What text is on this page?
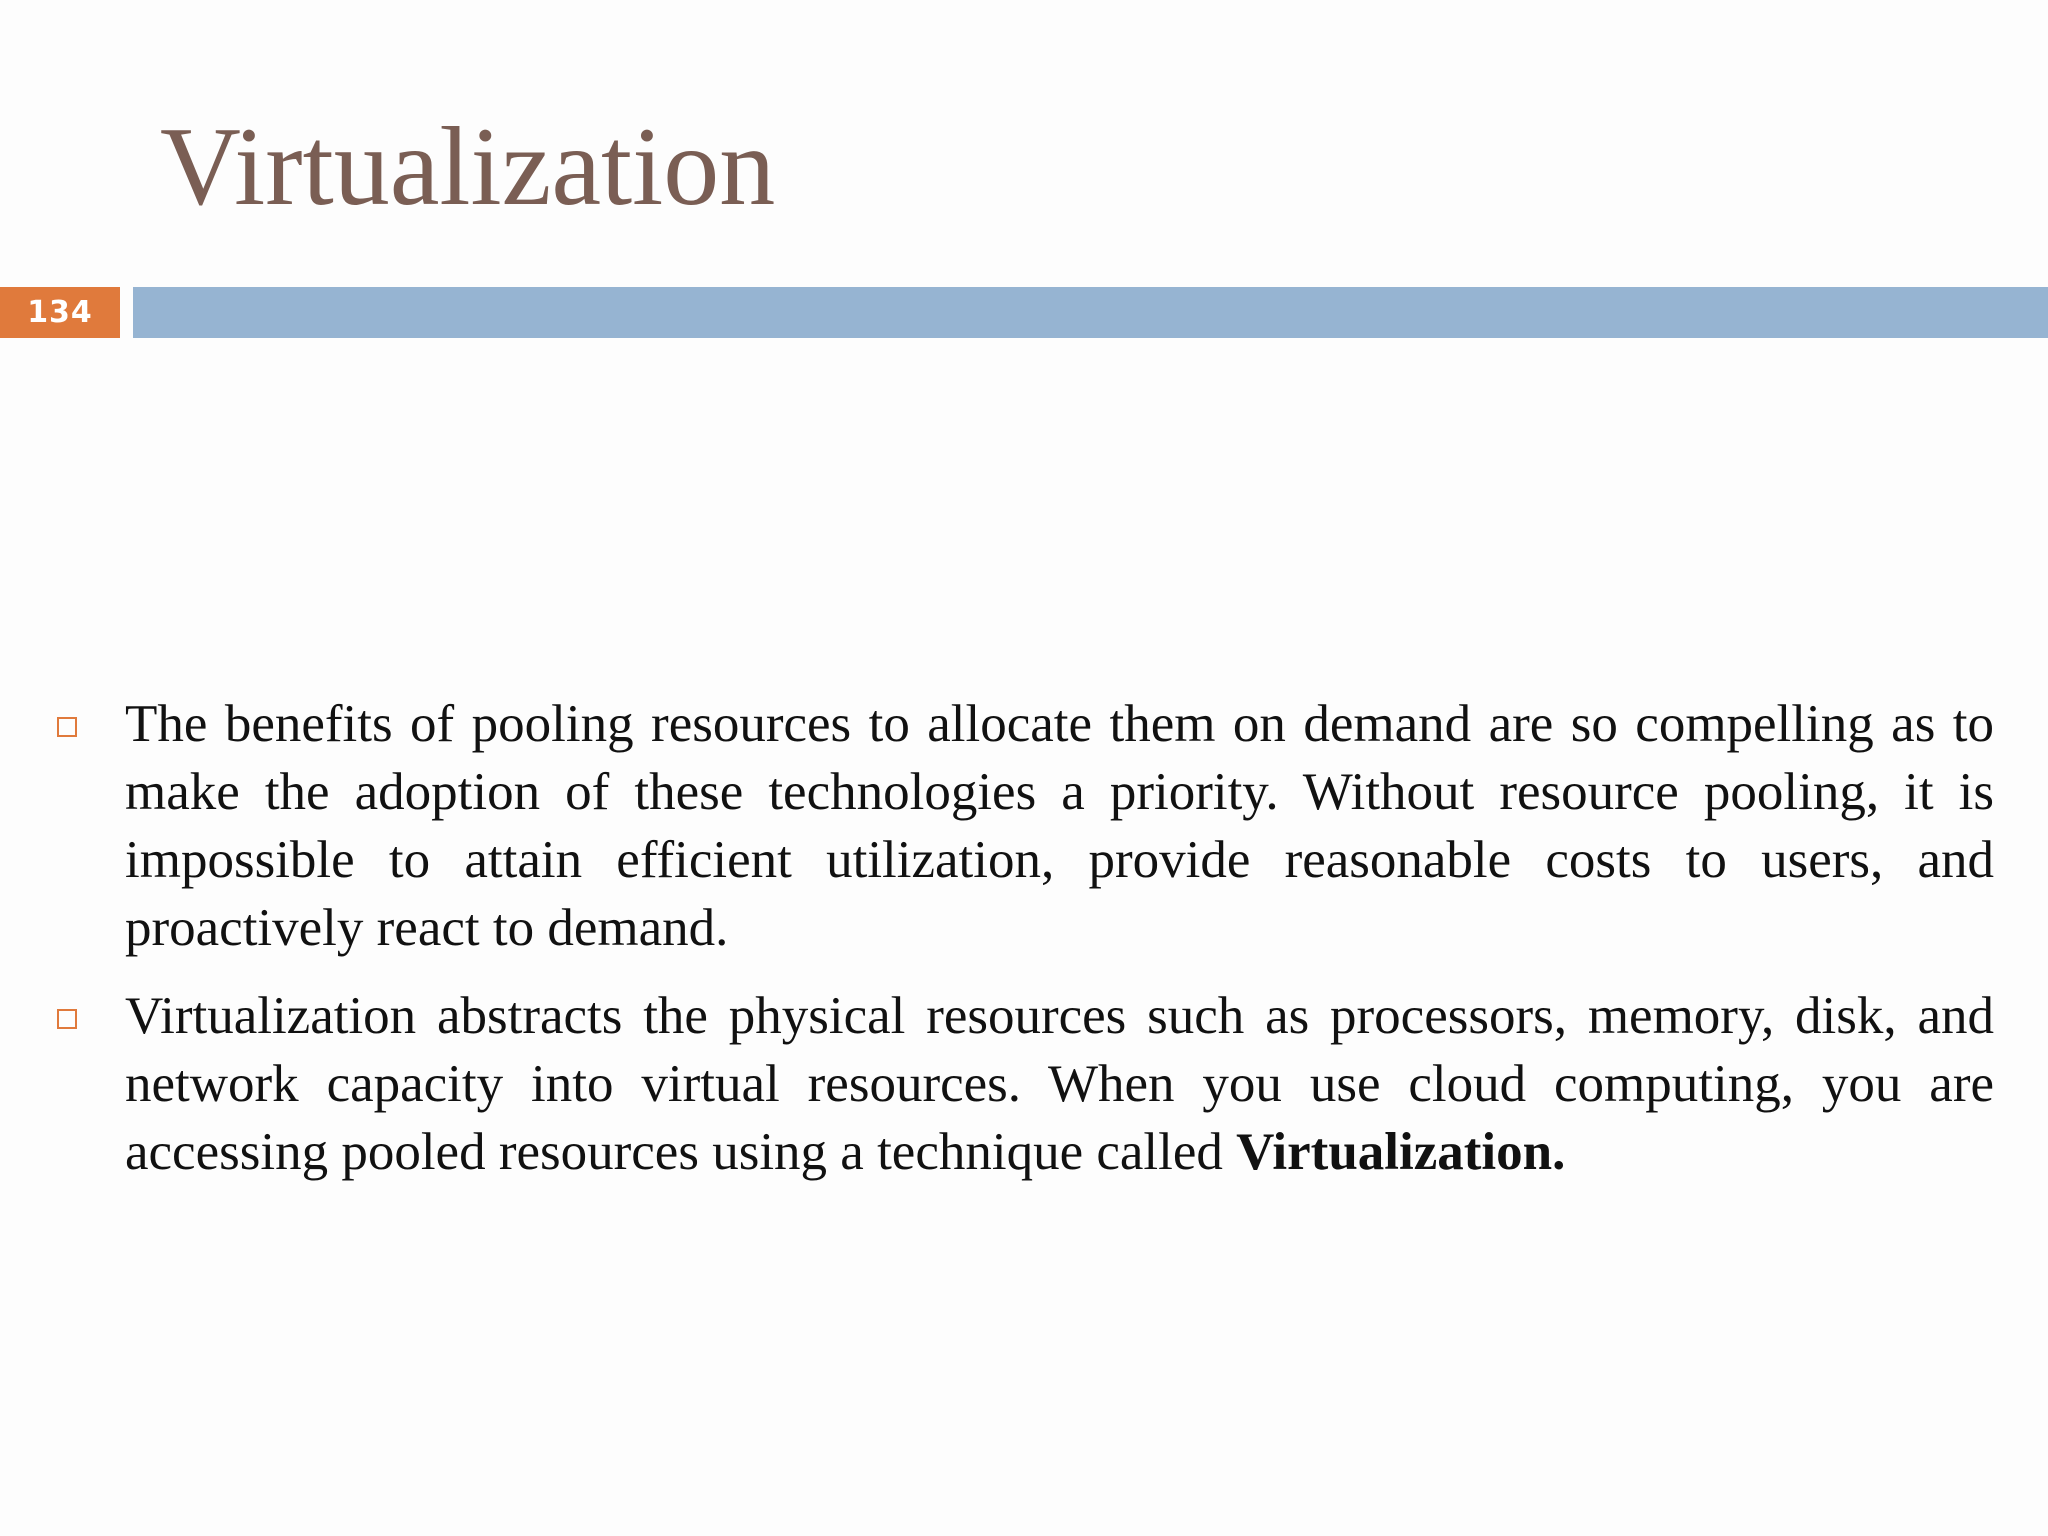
Virtualization
134

The benefits of pooling resources to allocate them on demand are so compelling as to make the adoption of these technologies a priority. Without resource pooling, it is impossible to attain efficient utilization, provide reasonable costs to users, and proactively react to demand.

Virtualization abstracts the physical resources such as processors, memory, disk, and network capacity into virtual resources. When you use cloud computing, you are accessing pooled resources using a technique called Virtualization.
